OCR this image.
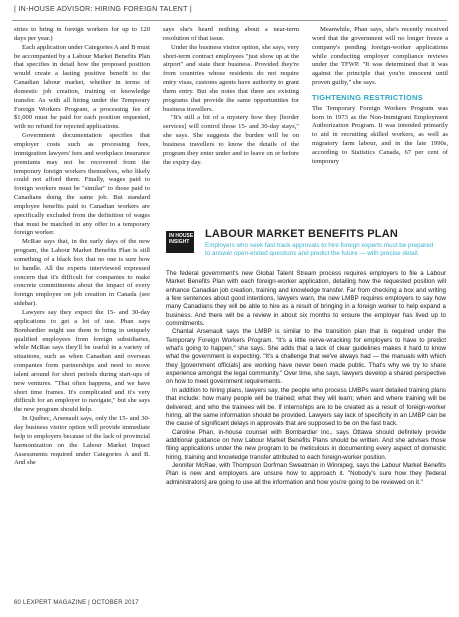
| IN-HOUSE ADVISOR: HIRING FOREIGN TALENT |

stries to bring in foreign workers for up to 120 days per year.)

Each application under Categories A and B must be accompanied by a Labour Market Benefits Plan that specifies in detail how the proposed position would create a lasting positive benefit to the Canadian labour market, whether in terms of domestic job creation, training or knowledge transfer. As with all hiring under the Temporary Foreign Workers Program, a processing fee of $1,000 must be paid for each position requested, with no refund for rejected applications.

Government documentation specifies that employer costs such as processing fees, immigration lawyers' fees and workplace insurance premiums may not be recovered from the temporary foreign workers themselves, who likely could not afford them. Finally, wages paid to foreign workers must be "similar" to those paid to Canadians doing the same job. But standard employee benefits paid to Canadian workers are specifically excluded from the definition of wages that must be matched in any offer to a temporary foreign worker.

McRae says that, in the early days of the new program, the Labour Market Benefits Plan is still something of a black box that no one is sure how to handle. All the experts interviewed expressed concern that it's difficult for companies to make concrete commitments about the impact of every foreign employee on job creation in Canada (see sidebar).

Lawyers say they expect the 15- and 30-day applications to get a lot of use. Phan says Bombardier might use them to bring in uniquely qualified employees from foreign subsidiaries, while McRae says they'll be useful in a variety of situations, such as when Canadian and overseas companies form partnerships and need to move talent around for short periods during start-ups of new ventures. "That often happens, and we have short time frames. It's complicated and it's very difficult for an employer to navigate," but she says the new program should help.

In Québec, Arsenault says, only the 15- and 30-day business visitor option will provide immediate help to employers because of the lack of provincial harmonization on the Labour Market Impact Assessments required under Categories A and B. And she

says she's heard nothing about a near-term resolution of that issue.

Under the business visitor option, she says, very short-term contract employees "just show up at the airport" and state their business. Provided they're from countries whose residents do not require entry visas, customs agents have authority to grant them entry. But she notes that there are existing programs that provide the same opportunities for business travellers.

"It's still a bit of a mystery how they [border services] will control those 15- and 30-day stays," she says. She suggests the burden will be on business travellers to know the details of the program they enter under and to leave on or before the expiry day.

Meanwhile, Phan says, she's recently received word that the government will no longer freeze a company's pending foreign-worker applications while conducting employer compliance reviews under the TFWP. "It was determined that it was against the principle that you're innocent until proven guilty," she says.

TIGHTENING RESTRICTIONS

The Temporary Foreign Workers Program was born in 1973 as the Non-Immigrant Employment Authorization Program. It was intended primarily to aid in recruiting skilled workers, as well as migratory farm labour, and in the late 1990s, according to Statistics Canada, 67 per cent of temporary

IN HOUSE INSIGHT
LABOUR MARKET BENEFITS PLAN
Employers who seek fast track approvals to hire foreign experts must be prepared to answer open-ended questions and predict the future — with precise detail.

The federal government's new Global Talent Stream process requires employers to file a Labour Market Benefits Plan with each foreign-worker application, detailing how the requested position will enhance Canadian job creation, training and knowledge transfer. Far from checking a box and writing a few sentences about good intentions, lawyers warn, the new LMBP requires employers to say how many Canadians they will be able to hire as a result of bringing in a foreign worker to help expand a business. And there will be a review in about six months to ensure the employer has lived up to commitments.

Chantal Arsenault says the LMBP is similar to the transition plan that is required under the Temporary Foreign Workers Program. "It's a little nerve-wracking for employers to have to predict what's going to happen," she says. She adds that a lack of clear guidelines makes it hard to know what the government is expecting. "It's a challenge that we've always had — the manuals with which they [government officials] are working have never been made public. That's why we try to share experience amongst the legal community." Over time, she says, lawyers develop a shared perspective on how to meet government requirements.

In addition to hiring plans, lawyers say, the people who process LMBPs want detailed training plans that include: how many people will be trained; what they will learn; when and where training will be delivered; and who the trainees will be. If internships are to be created as a result of foreign-worker hiring, all the same information should be provided. Lawyers say lack of specificity in an LMBP can be the cause of significant delays in approvals that are supposed to be on the fast track.

Caroline Phan, in-house counsel with Bombardier Inc., says Ottawa should definitely provide additional guidance on how Labour Market Benefits Plans should be written. And she advises those filing applications under the new program to be meticulous in documenting every aspect of domestic hiring, training and knowledge transfer attributed to each foreign-worker position.

Jennifer McRae, with Thompson Dorfman Sweatman in Winnipeg, says the Labour Market Benefits Plan is new and employers are unsure how to approach it. "Nobody's sure how they [federal administrators] are going to use all the information and how you're going to be reviewed on it."

60 LEXPERT MAGAZINE | OCTOBER 2017
